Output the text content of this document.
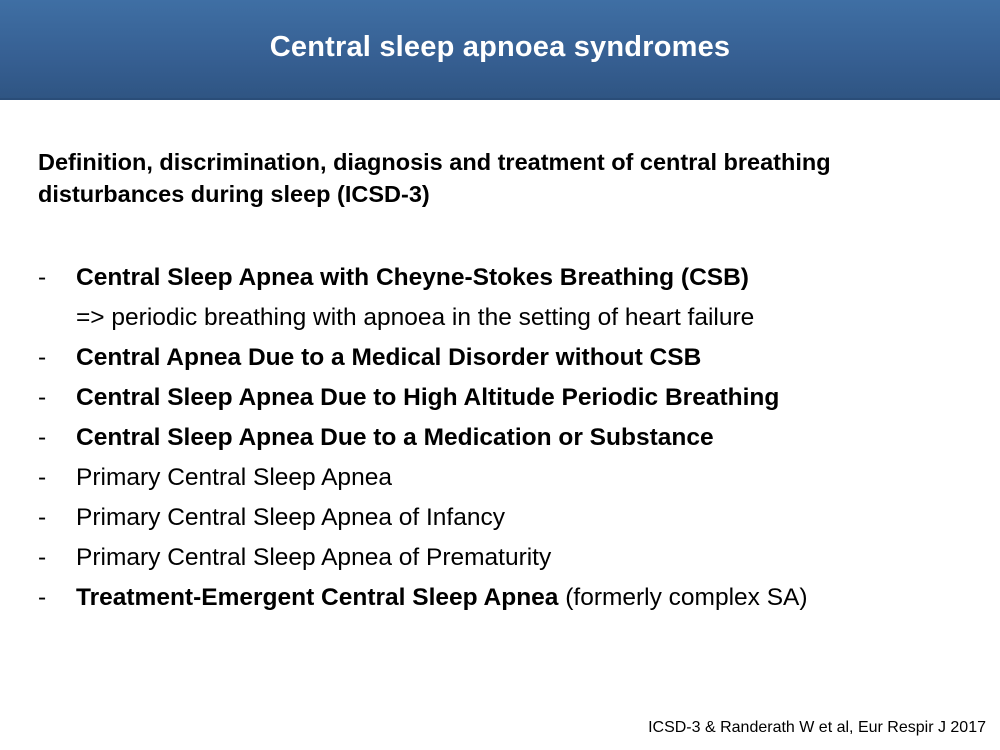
Central sleep apnoea syndromes
Definition, discrimination, diagnosis and treatment of central breathing disturbances during sleep (ICSD-3)
- Central Sleep Apnea with Cheyne-Stokes Breathing (CSB)
=> periodic breathing with apnoea in the setting of heart failure
- Central Apnea Due to a Medical Disorder without CSB
- Central Sleep Apnea Due to High Altitude Periodic Breathing
- Central Sleep Apnea Due to a Medication or Substance
- Primary Central Sleep Apnea
- Primary Central Sleep Apnea of Infancy
- Primary Central Sleep Apnea of Prematurity
- Treatment-Emergent Central Sleep Apnea (formerly complex SA)
ICSD-3 & Randerath W et al, Eur Respir J 2017
